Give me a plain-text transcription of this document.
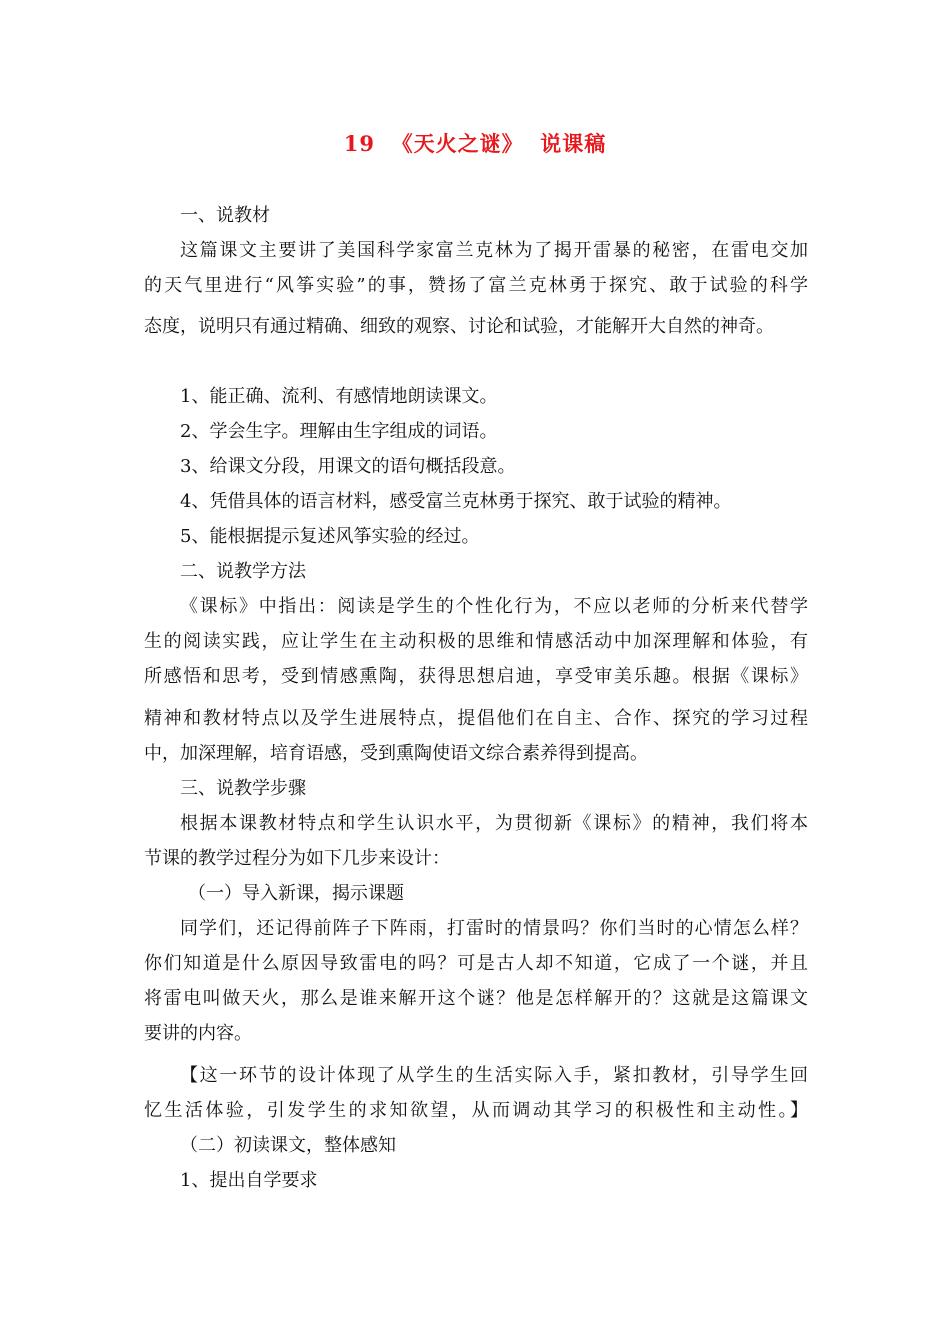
19  《天火之谜》  说课稿
一、说教材
这篇课文主要讲了美国科学家富兰克林为了揭开雷暴的秘密，在雷电交加
的天气里进行“风筝实验”的事，赞扬了富兰克林勇于探究、敢于试验的科学
态度，说明只有通过精确、细致的观察、讨论和试验，才能解开大自然的神奇。
1、能正确、流利、有感情地朗读课文。
2、学会生字。理解由生字组成的词语。
3、给课文分段，用课文的语句概括段意。
4、凭借具体的语言材料，感受富兰克林勇于探究、敢于试验的精神。
5、能根据提示复述风筝实验的经过。
二、说教学方法
《课标》中指出：阅读是学生的个性化行为，不应以老师的分析来代替学
生的阅读实践，应让学生在主动积极的思维和情感活动中加深理解和体验，有
所感悟和思考，受到情感熏陶，获得思想启迪，享受审美乐趣。根据《课标》
精神和教材特点以及学生进展特点，提倡他们在自主、合作、探究的学习过程
中，加深理解，培育语感，受到熏陶使语文综合素养得到提高。
三、说教学步骤
根据本课教材特点和学生认识水平，为贯彻新《课标》的精神，我们将本
节课的教学过程分为如下几步来设计：
（一）导入新课，揭示课题
同学们，还记得前阵子下阵雨，打雷时的情景吗？你们当时的心情怎么样？
你们知道是什么原因导致雷电的吗？可是古人却不知道，它成了一个谜，并且
将雷电叫做天火，那么是谁来解开这个谜？他是怎样解开的？这就是这篇课文
要讲的内容。
【这一环节的设计体现了从学生的生活实际入手，紧扣教材，引导学生回
忆生活体验，引发学生的求知欲望，从而调动其学习的积极性和主动性。】
（二）初读课文，整体感知
1、提出自学要求
